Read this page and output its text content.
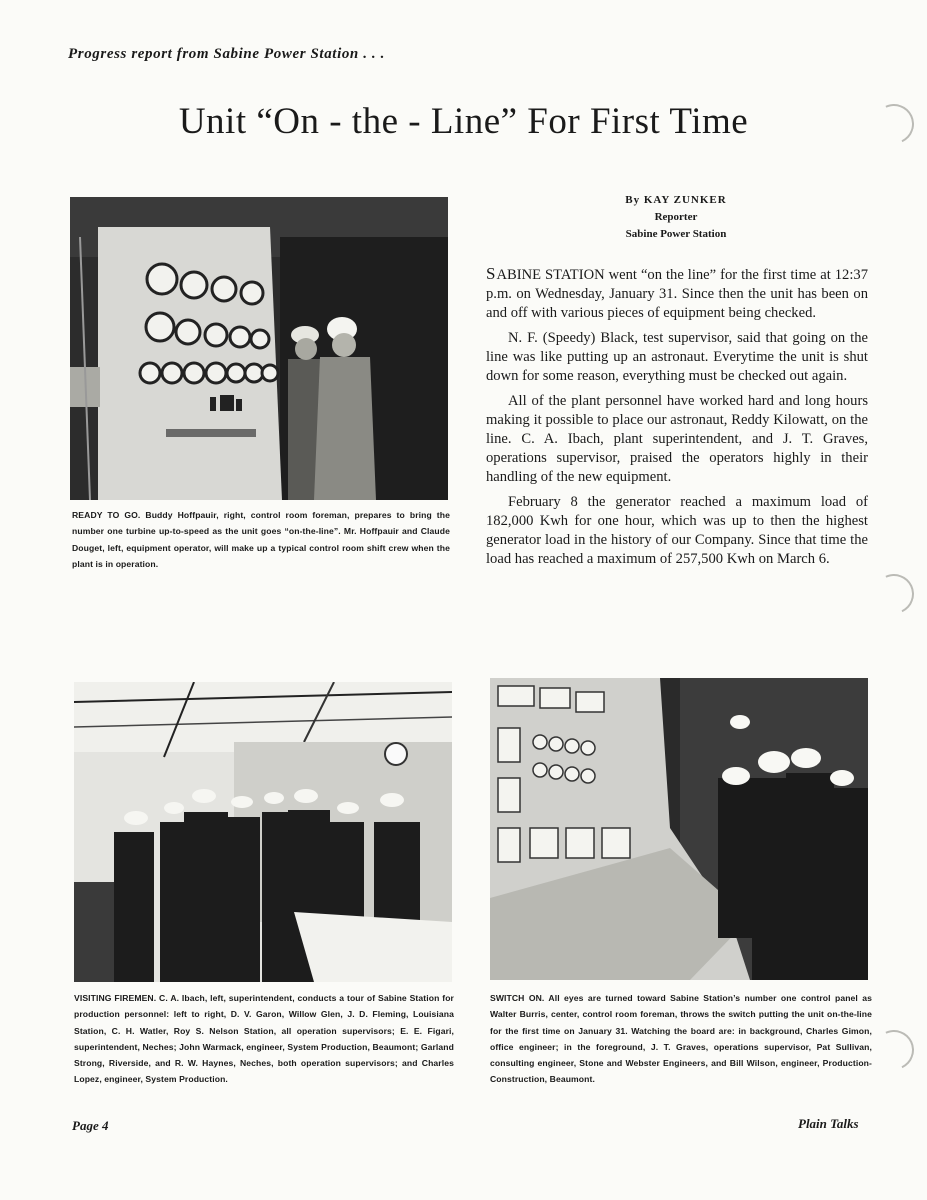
Progress report from Sabine Power Station . . .
Unit “On - the - Line” For First Time
READY TO GO. Buddy Hoffpauir, right, control room foreman, prepares to bring the number one turbine up-to-speed as the unit goes “on-the-line”. Mr. Hoffpauir and Claude Douget, left, equipment operator, will make up a typical control room shift crew when the plant is in operation.
By KAY ZUNKER
Reporter
Sabine Power Station

SABINE STATION went “on the line” for the first time at 12:37 p.m. on Wednesday, January 31. Since then the unit has been on and off with various pieces of equipment being checked.

N. F. (Speedy) Black, test supervisor, said that going on the line was like putting up an astronaut. Everytime the unit is shut down for some reason, everything must be checked out again.

All of the plant personnel have worked hard and long hours making it possible to place our astronaut, Reddy Kilowatt, on the line. C. A. Ibach, plant superintendent, and J. T. Graves, operations supervisor, praised the operators highly in their handling of the new equipment.

February 8 the generator reached a maximum load of 182,000 Kwh for one hour, which was up to then the highest generator load in the history of our Company. Since that time the load has reached a maximum of 257,500 Kwh on March 6.

VISITING FIREMEN. C. A. Ibach, left, superintendent, conducts a tour of Sabine Station for production personnel: left to right, D. V. Garon, Willow Glen, J. D. Fleming, Louisiana Station, C. H. Watler, Roy S. Nelson Station, all operation supervisors; E. E. Figari, superintendent, Neches; John Warmack, engineer, System Production, Beaumont; Garland Strong, Riverside, and R. W. Haynes, Neches, both operation supervisors; and Charles Lopez, engineer, System Production.
SWITCH ON. All eyes are turned toward Sabine Station’s number one control panel as Walter Burris, center, control room foreman, throws the switch putting the unit on-the-line for the first time on January 31. Watching the board are: in background, Charles Gimon, office engineer; in the foreground, J. T. Graves, operations supervisor, Pat Sullivan, consulting engineer, Stone and Webster Engineers, and Bill Wilson, engineer, Production-Construction, Beaumont.
Page 4	Plain Talks
